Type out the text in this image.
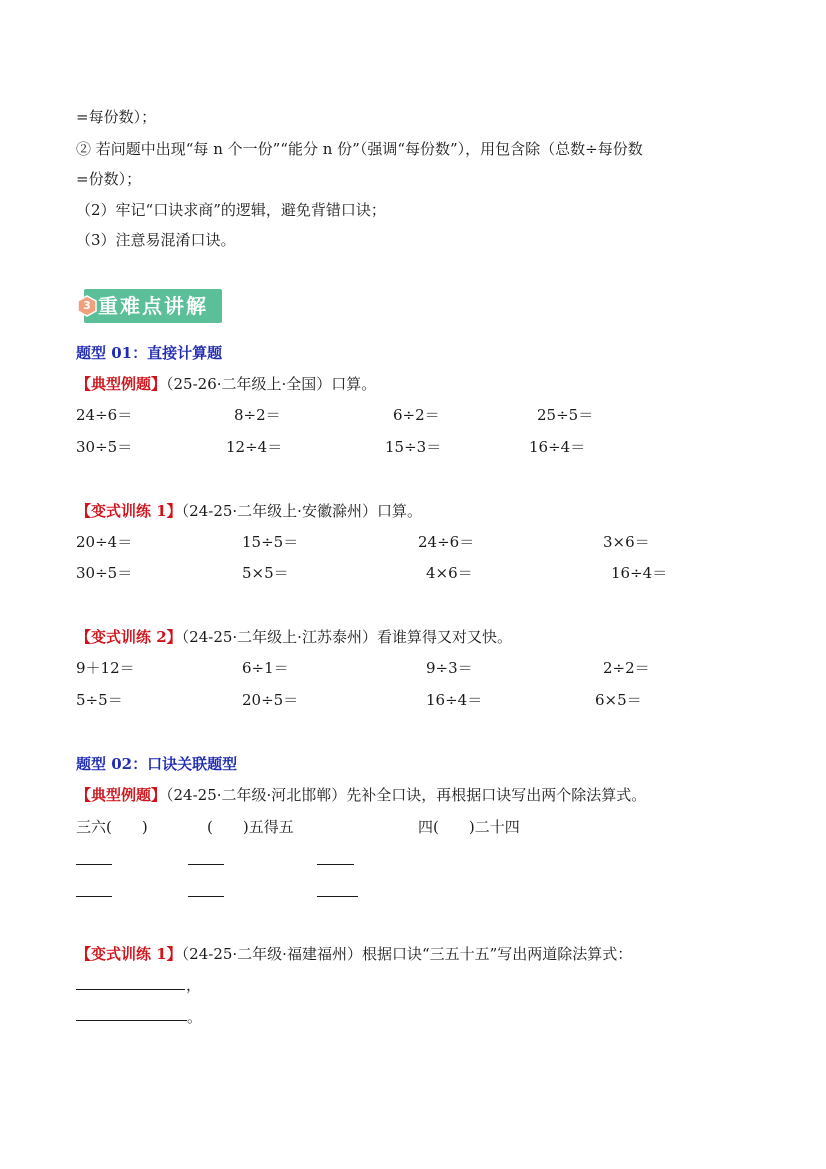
=每份数）；
② 若问题中出现“每 n 个一份”“能分 n 份”（强调“每份数”），用包含除（总数÷每份数
=份数）；
（2）牢记“口诀求商”的逻辑，避免背错口诀；
（3）注意易混淆口诀。
3 重难点讲解
题型 01：直接计算题
【典型例题】（25-26·二年级上·全国）口算。
24÷6＝	8÷2＝	6÷2＝	25÷5＝
30÷5＝	12÷4＝	15÷3＝	16÷4＝
【变式训练 1】（24-25·二年级上·安徽滁州）口算。
20÷4＝	15÷5＝	24÷6＝	3×6＝
30÷5＝	5×5＝	4×6＝	16÷4＝
【变式训练 2】（24-25·二年级上·江苏泰州）看谁算得又对又快。
9＋12＝	6÷1＝	9÷3＝	2÷2＝
5÷5＝	20÷5＝	16÷4＝	6×5＝
题型 02：口诀关联题型
【典型例题】（24-25·二年级·河北邯郸）先补全口诀，再根据口诀写出两个除法算式。
三六(　　)	(　　)五得五	四(　　)二十四
【变式训练 1】（24-25·二年级·福建福州）根据口诀“三五十五”写出两道除法算式：
，
。
